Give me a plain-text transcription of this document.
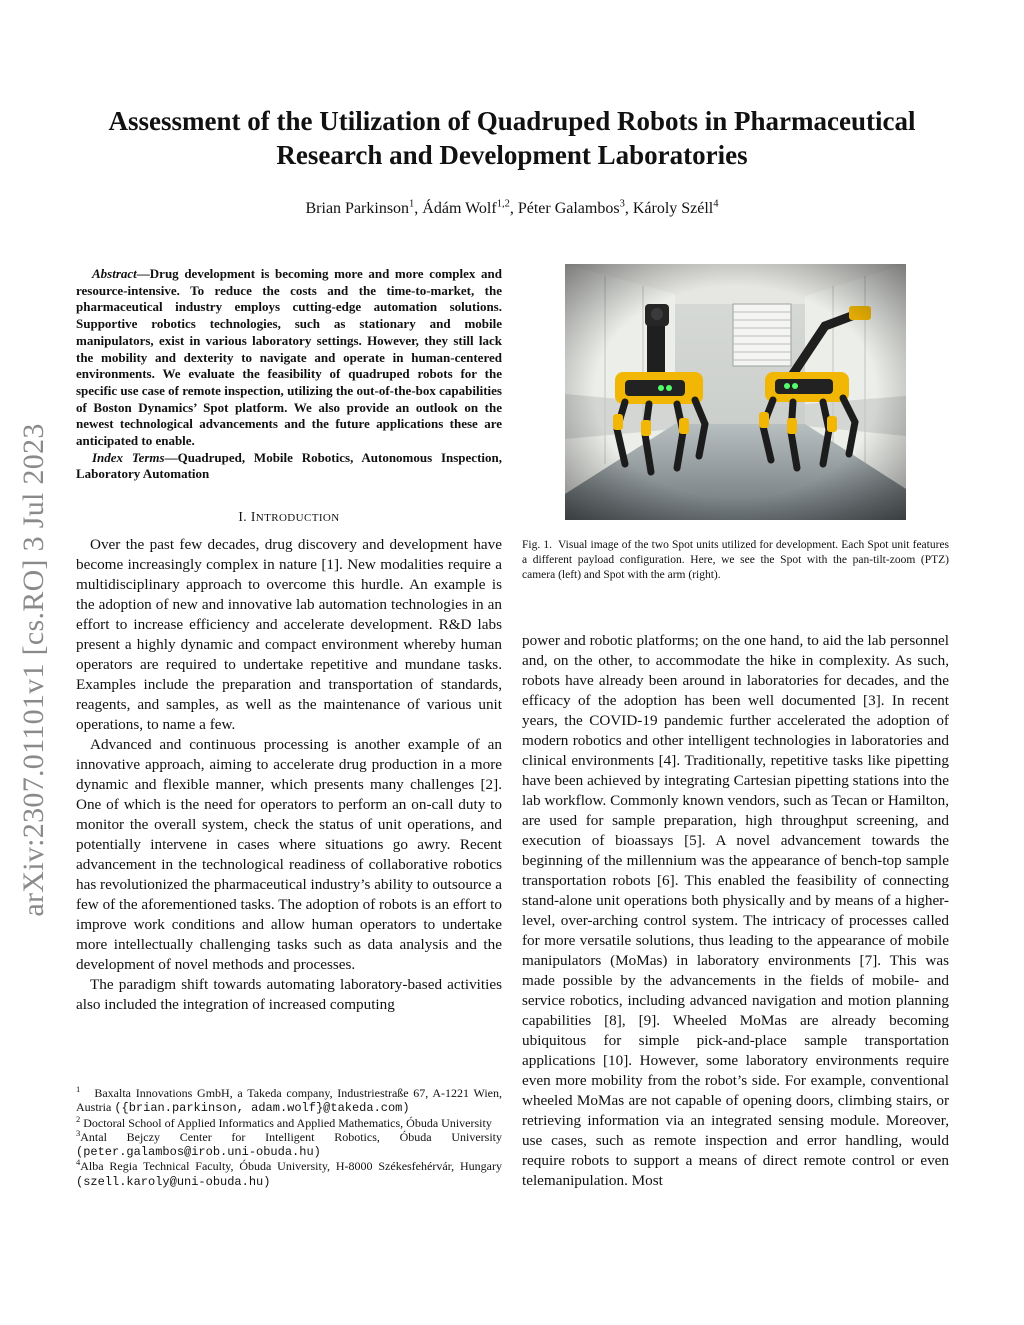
arXiv:2307.01101v1 [cs.RO] 3 Jul 2023
Assessment of the Utilization of Quadruped Robots in Pharmaceutical
Research and Development Laboratories
Brian Parkinson$^1$, Ádám Wolf$^{1,2}$, Péter Galambos$^3$, Károly Széll$^4$

Abstract—Drug development is becoming more and more complex and resource-intensive. To reduce the costs and the time-to-market, the pharmaceutical industry employs cutting-edge automation solutions. Supportive robotics technologies, such as stationary and mobile manipulators, exist in various laboratory settings. However, they still lack the mobility and dexterity to navigate and operate in human-centered environments. We evaluate the feasibility of quadruped robots for the specific use case of remote inspection, utilizing the out-of-the-box capabilities of Boston Dynamics’ Spot platform. We also provide an outlook on the newest technological advancements and the future applications these are anticipated to enable.

Index Terms—Quadruped, Mobile Robotics, Autonomous Inspection, Laboratory Automation

I. INTRODUCTION

Over the past few decades, drug discovery and development have become increasingly complex in nature [1]. New modalities require a multidisciplinary approach to overcome this hurdle. An example is the adoption of new and innovative lab automation technologies in an effort to increase efficiency and accelerate development. R&D labs present a highly dynamic and compact environment whereby human operators are required to undertake repetitive and mundane tasks. Examples include the preparation and transportation of standards, reagents, and samples, as well as the maintenance of various unit operations, to name a few.

Advanced and continuous processing is another example of an innovative approach, aiming to accelerate drug production in a more dynamic and flexible manner, which presents many challenges [2]. One of which is the need for operators to perform an on-call duty to monitor the overall system, check the status of unit operations, and potentially intervene in cases where situations go awry. Recent advancement in the technological readiness of collaborative robotics has revolutionized the pharmaceutical industry’s ability to outsource a few of the aforementioned tasks. The adoption of robots is an effort to improve work conditions and allow human operators to undertake more intellectually challenging tasks such as data analysis and the development of novel methods and processes.

The paradigm shift towards automating laboratory-based activities also included the integration of increased computing

$^1$ Baxalta Innovations GmbH, a Takeda company, Industriestraße 67, A-1221 Wien, Austria ({brian.parkinson, adam.wolf}@takeda.com)

$^2$ Doctoral School of Applied Informatics and Applied Mathematics, Óbuda University

$^3$Antal Bejczy Center for Intelligent Robotics, Óbuda University (peter.galambos@irob.uni-obuda.hu)

$^4$Alba Regia Technical Faculty, Óbuda University, H-8000 Székesfehérvár, Hungary (szell.karoly@uni-obuda.hu)

Fig. 1. Visual image of the two Spot units utilized for development. Each Spot unit features a different payload configuration. Here, we see the Spot with the pan-tilt-zoom (PTZ) camera (left) and Spot with the arm (right).

power and robotic platforms; on the one hand, to aid the lab personnel and, on the other, to accommodate the hike in complexity. As such, robots have already been around in laboratories for decades, and the efficacy of the adoption has been well documented [3]. In recent years, the COVID-19 pandemic further accelerated the adoption of modern robotics and other intelligent technologies in laboratories and clinical environments [4]. Traditionally, repetitive tasks like pipetting have been achieved by integrating Cartesian pipetting stations into the lab workflow. Commonly known vendors, such as Tecan or Hamilton, are used for sample preparation, high throughput screening, and execution of bioassays [5]. A novel advancement towards the beginning of the millennium was the appearance of bench-top sample transportation robots [6]. This enabled the feasibility of connecting stand-alone unit operations both physically and by means of a higher-level, over-arching control system. The intricacy of processes called for more versatile solutions, thus leading to the appearance of mobile manipulators (MoMas) in laboratory environments [7]. This was made possible by the advancements in the fields of mobile- and service robotics, including advanced navigation and motion planning capabilities [8], [9]. Wheeled MoMas are already becoming ubiquitous for simple pick-and-place sample transportation applications [10]. However, some laboratory environments require even more mobility from the robot’s side. For example, conventional wheeled MoMas are not capable of opening doors, climbing stairs, or retrieving information via an integrated sensing module. Moreover, use cases, such as remote inspection and error handling, would require robots to support a means of direct remote control or even telemanipulation. Most
